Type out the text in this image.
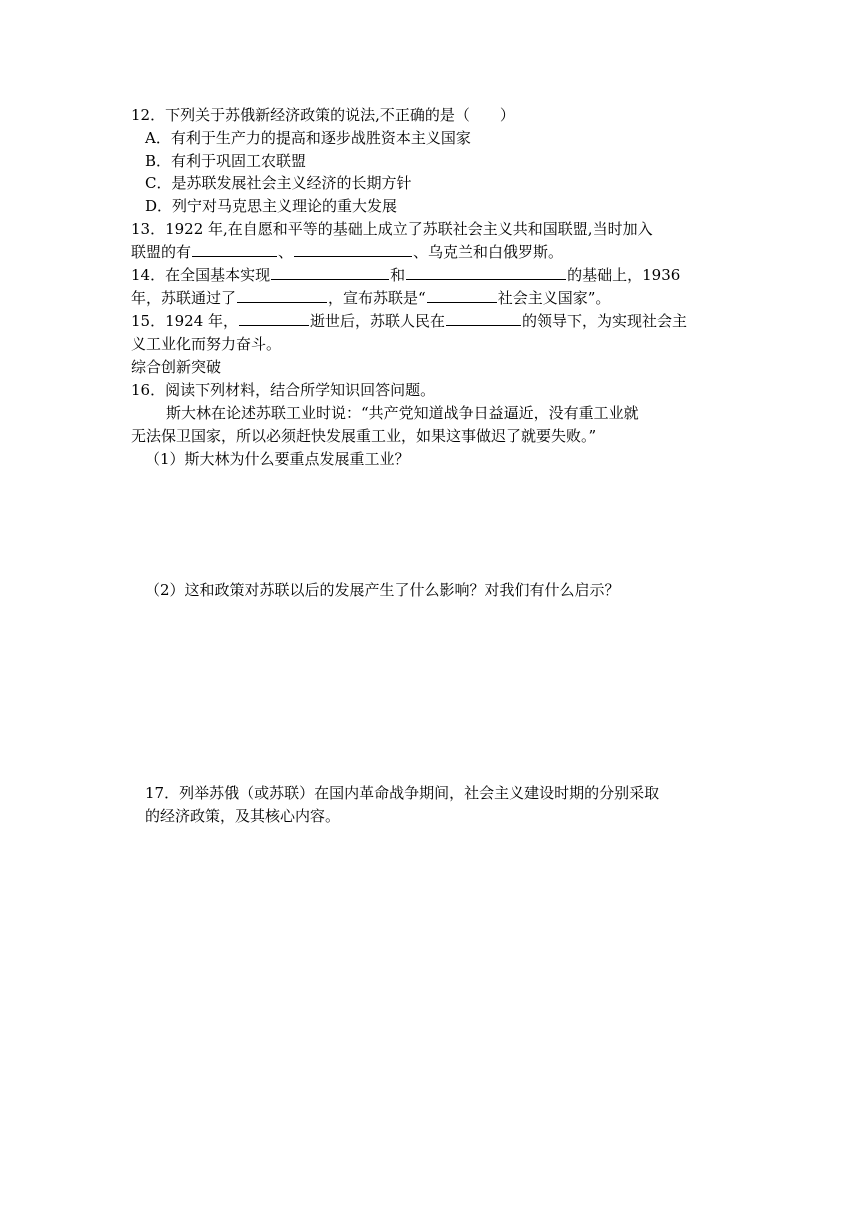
12．下列关于苏俄新经济政策的说法,不正确的是（　　）
A．有利于生产力的提高和逐步战胜资本主义国家
B．有利于巩固工农联盟
C．是苏联发展社会主义经济的长期方针
D．列宁对马克思主义理论的重大发展
13．1922 年,在自愿和平等的基础上成立了苏联社会主义共和国联盟,当时加入
联盟的有	、	、乌克兰和白俄罗斯。
14．在全国基本实现	和	的基础上，1936
年，苏联通过了	，宣布苏联是“	社会主义国家”。
15．1924 年，	逝世后，苏联人民在	的领导下，为实现社会主
义工业化而努力奋斗。
综合创新突破
16．阅读下列材料，结合所学知识回答问题。
斯大林在论述苏联工业时说：“共产党知道战争日益逼近，没有重工业就
无法保卫国家，所以必须赶快发展重工业，如果这事做迟了就要失败。”
（1）斯大林为什么要重点发展重工业？
（2）这和政策对苏联以后的发展产生了什么影响？对我们有什么启示？
17．列举苏俄（或苏联）在国内革命战争期间，社会主义建设时期的分别采取
的经济政策，及其核心内容。
